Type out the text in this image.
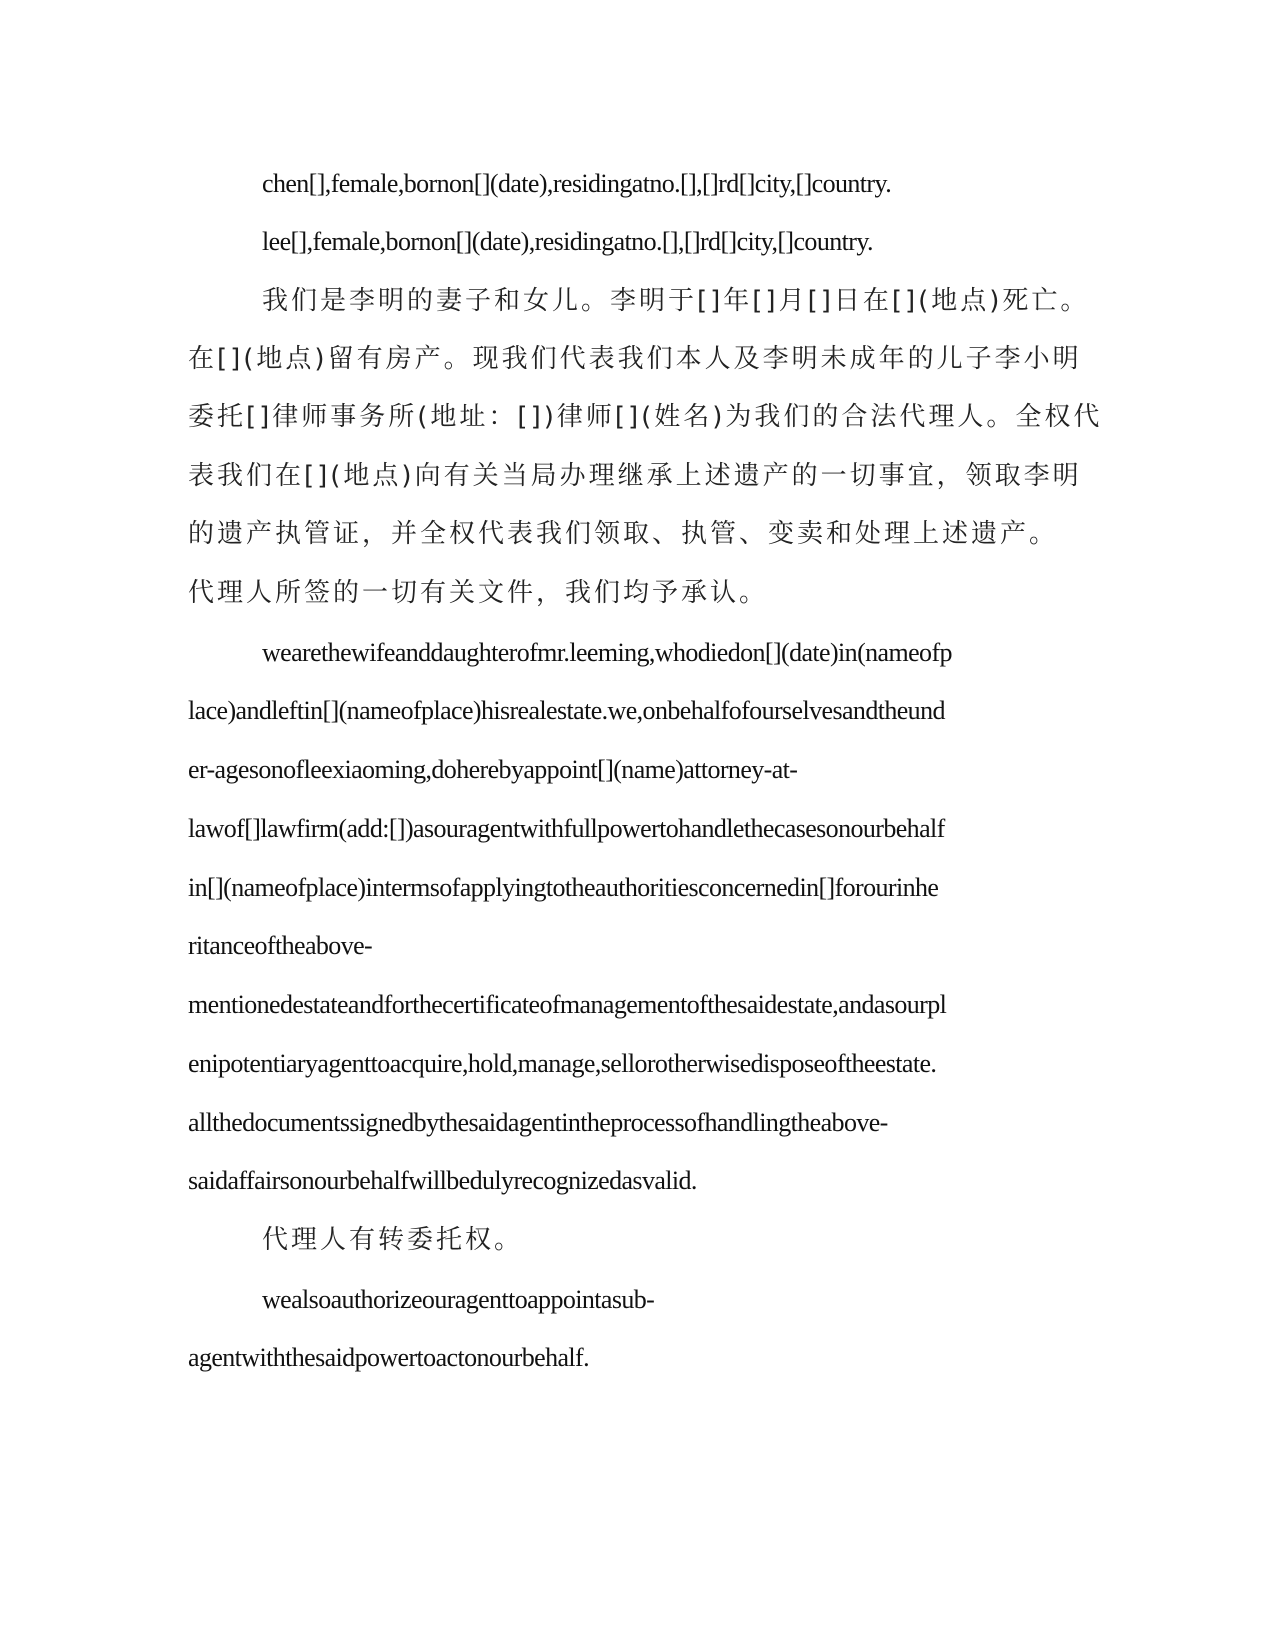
chen[],female,bornon[](date),residingatno.[],[]rd[]city,[]country.
lee[],female,bornon[](date),residingatno.[],[]rd[]city,[]country.
我们是李明的妻子和女儿。李明于[]年[]月[]日在[](地点)死亡。
在[](地点)留有房产。现我们代表我们本人及李明未成年的儿子李小明
委托[]律师事务所(地址：[])律师[](姓名)为我们的合法代理人。全权代
表我们在[](地点)向有关当局办理继承上述遗产的一切事宜，领取李明
的遗产执管证，并全权代表我们领取、执管、变卖和处理上述遗产。
代理人所签的一切有关文件，我们均予承认。
wearethewifeanddaughterofmr.leeming,whodiedon[](date)in(nameofp
lace)andleftin[](nameofplace)hisrealestate.we,onbehalfofourselvesandtheund
er-agesonofleexiaoming,doherebyappoint[](name)attorney-at-
lawof[]lawfirm(add:[])asouragentwithfullpowertohandlethecasesonourbehalf
in[](nameofplace)intermsofapplyingtotheauthoritiesconcernedin[]forourinhe
ritanceoftheabove-
mentionedestateandforthecertificateofmanagementofthesaidestate,andasourpl
enipotentiaryagenttoacquire,hold,manage,sellorotherwisedisposeoftheestate.
allthedocumentssignedbythesaidagentintheprocessofhandlingtheabove-
saidaffairsonourbehalfwillbedulyrecognizedasvalid.
代理人有转委托权。
wealsoauthorizeouragenttoappointasub-
agentwiththesaidpowertoactonourbehalf.
